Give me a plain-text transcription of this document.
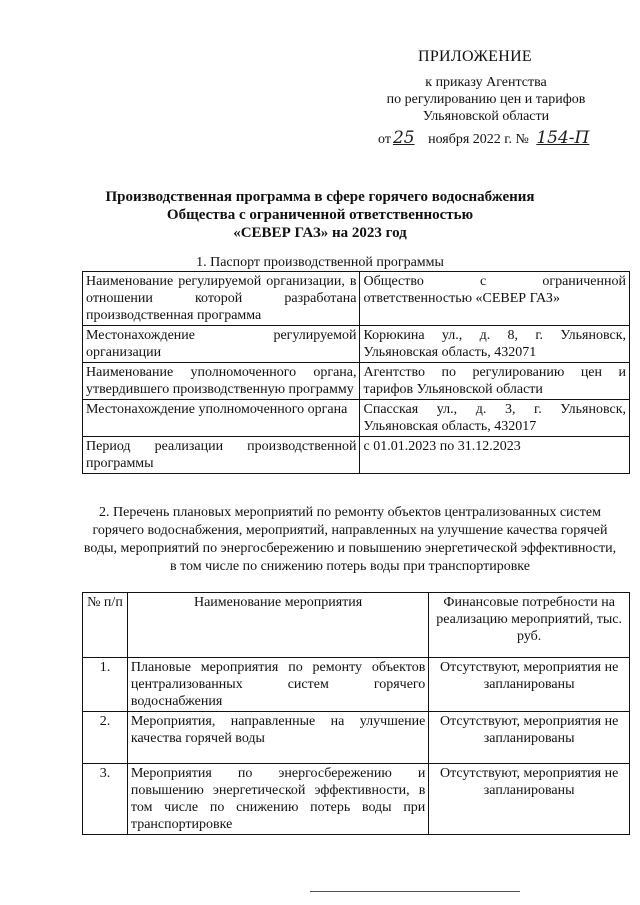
ПРИЛОЖЕНИЕ
к приказу Агентства
по регулированию цен и тарифов
Ульяновской области
от 25 ноября 2022 г. № 154-П
Производственная программа в сфере горячего водоснабжения
Общества с ограниченной ответственностью
«СЕВЕР ГАЗ» на 2023 год
1. Паспорт производственной программы
Наименование регулируемой организации, в отношении которой разработана производственная программа	Общество с ограниченной ответственностью «СЕВЕР ГАЗ»
Местонахождение регулируемой организации	Корюкина ул., д. 8, г. Ульяновск, Ульяновская область, 432071
Наименование уполномоченного органа, утвердившего производственную программу	Агентство по регулированию цен и тарифов Ульяновской области
Местонахождение уполномоченного органа	Спасская ул., д. 3, г. Ульяновск, Ульяновская область, 432017
Период реализации производственной программы	с 01.01.2023 по 31.12.2023
2. Перечень плановых мероприятий по ремонту объектов централизованных систем горячего водоснабжения, мероприятий, направленных на улучшение качества горячей воды, мероприятий по энергосбережению и повышению энергетической эффективности, в том числе по снижению потерь воды при транспортировке
№ п/п	Наименование мероприятия	Финансовые потребности на реализацию мероприятий, тыс. руб.
1.	Плановые мероприятия по ремонту объектов централизованных систем горячего водоснабжения	Отсутствуют, мероприятия не запланированы
2.	Мероприятия, направленные на улучшение качества горячей воды	Отсутствуют, мероприятия не запланированы
3.	Мероприятия по энергосбережению и повышению энергетической эффективности, в том числе по снижению потерь воды при транспортировке	Отсутствуют, мероприятия не запланированы
